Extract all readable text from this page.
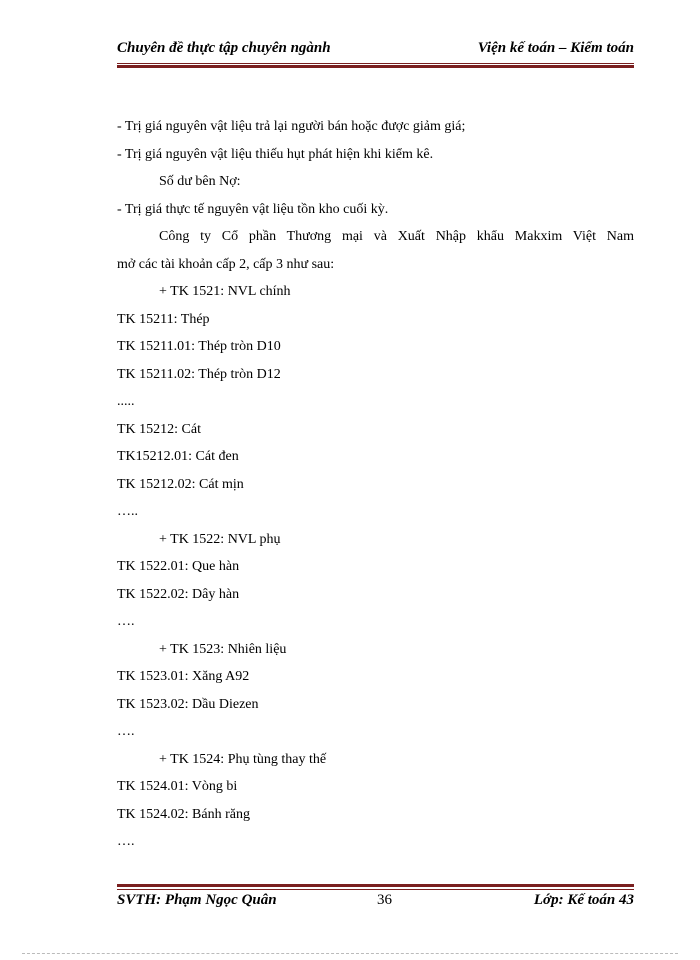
Chuyên đề thực tập chuyên ngành	Viện kế toán – Kiểm toán
- Trị giá nguyên vật liệu trả lại người bán hoặc được giảm giá;
- Trị giá nguyên vật liệu thiếu hụt phát hiện khi kiểm kê.
Số dư bên Nợ:
- Trị giá thực tế nguyên vật liệu tồn kho cuối kỳ.
Công ty Cổ phần Thương mại và Xuất Nhập khẩu Makxim Việt Nam
mở các tài khoản cấp 2, cấp 3 như sau:
+ TK 1521: NVL chính
TK 15211: Thép
TK 15211.01: Thép tròn D10
TK 15211.02: Thép tròn D12
.....
TK 15212: Cát
TK15212.01: Cát đen
TK 15212.02: Cát mịn
…..
+ TK 1522: NVL phụ
TK 1522.01: Que hàn
TK 1522.02: Dây hàn
….
+ TK 1523: Nhiên liệu
TK 1523.01: Xăng A92
TK 1523.02: Dầu Diezen
….
+ TK 1524: Phụ tùng thay thế
TK 1524.01: Vòng bi
TK 1524.02: Bánh răng
….
SVTH: Phạm Ngọc Quân	36	Lớp: Kế toán 43
